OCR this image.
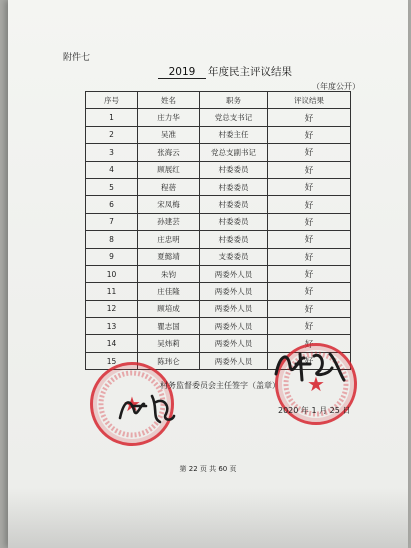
附件七
2019 年度民主评议结果
（年度公开）
序号	姓名	职务	评议结果
1	庄力华	党总支书记	好
2	吴准	村委主任	好
3	张海云	党总支副书记	好
4	顾展红	村委委员	好
5	程蓓	村委委员	好
6	宋凤梅	村委委员	好
7	孙建芸	村委委员	好
8	庄忠明	村委委员	好
9	夏懿靖	支委委员	好
10	朱钧	两委外人员	好
11	庄佳隆	两委外人员	好
12	顾培成	两委外人员	好
13	瞿志国	两委外人员	好
14	吴炜莉	两委外人员	好
15	陈玮仑	两委外人员	好
★
★
村务监督委员会主任签字（盖章）
2020 年 1 月 25 日
第 22 页 共 60 页
